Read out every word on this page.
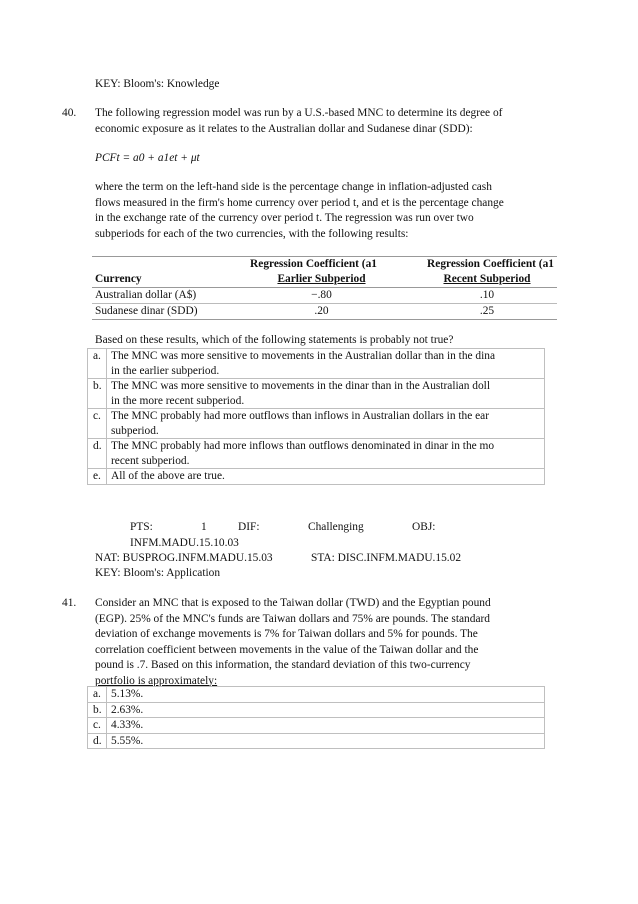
KEY: Bloom's: Knowledge
40. The following regression model was run by a U.S.-based MNC to determine its degree of
economic exposure as it relates to the Australian dollar and Sudanese dinar (SDD):
PCFt = a0 + a1et + μt
where the term on the left-hand side is the percentage change in inflation-adjusted cash
flows measured in the firm's home currency over period t, and et is the percentage change
in the exchange rate of the currency over period t. The regression was run over two
subperiods for each of the two currencies, with the following results:
	Regression Coefficient (a1	Regression Coefficient (a1
Currency	Earlier Subperiod	Recent Subperiod
Australian dollar (A$)	−.80	.10
Sudanese dinar (SDD)	.20	.25
Based on these results, which of the following statements is probably not true?
a.	The MNC was more sensitive to movements in the Australian dollar than in the dina
in the earlier subperiod.

b.	The MNC was more sensitive to movements in the dinar than in the Australian doll
in the more recent subperiod.

c.	The MNC probably had more outflows than inflows in Australian dollars in the ear
subperiod.

d.	The MNC probably had more inflows than outflows denominated in dinar in the mo
recent subperiod.

e.	All of the above are true.
PTS:	1	DIF:	Challenging	OBJ:
INFM.MADU.15.10.03
NAT: BUSPROG.INFM.MADU.15.03	STA: DISC.INFM.MADU.15.02
KEY: Bloom's: Application
41. Consider an MNC that is exposed to the Taiwan dollar (TWD) and the Egyptian pound
(EGP). 25% of the MNC's funds are Taiwan dollars and 75% are pounds. The standard
deviation of exchange movements is 7% for Taiwan dollars and 5% for pounds. The
correlation coefficient between movements in the value of the Taiwan dollar and the
pound is .7. Based on this information, the standard deviation of this two-currency
portfolio is approximately:
a.	5.13%.
b.	2.63%.
c.	4.33%.
d.	5.55%.
